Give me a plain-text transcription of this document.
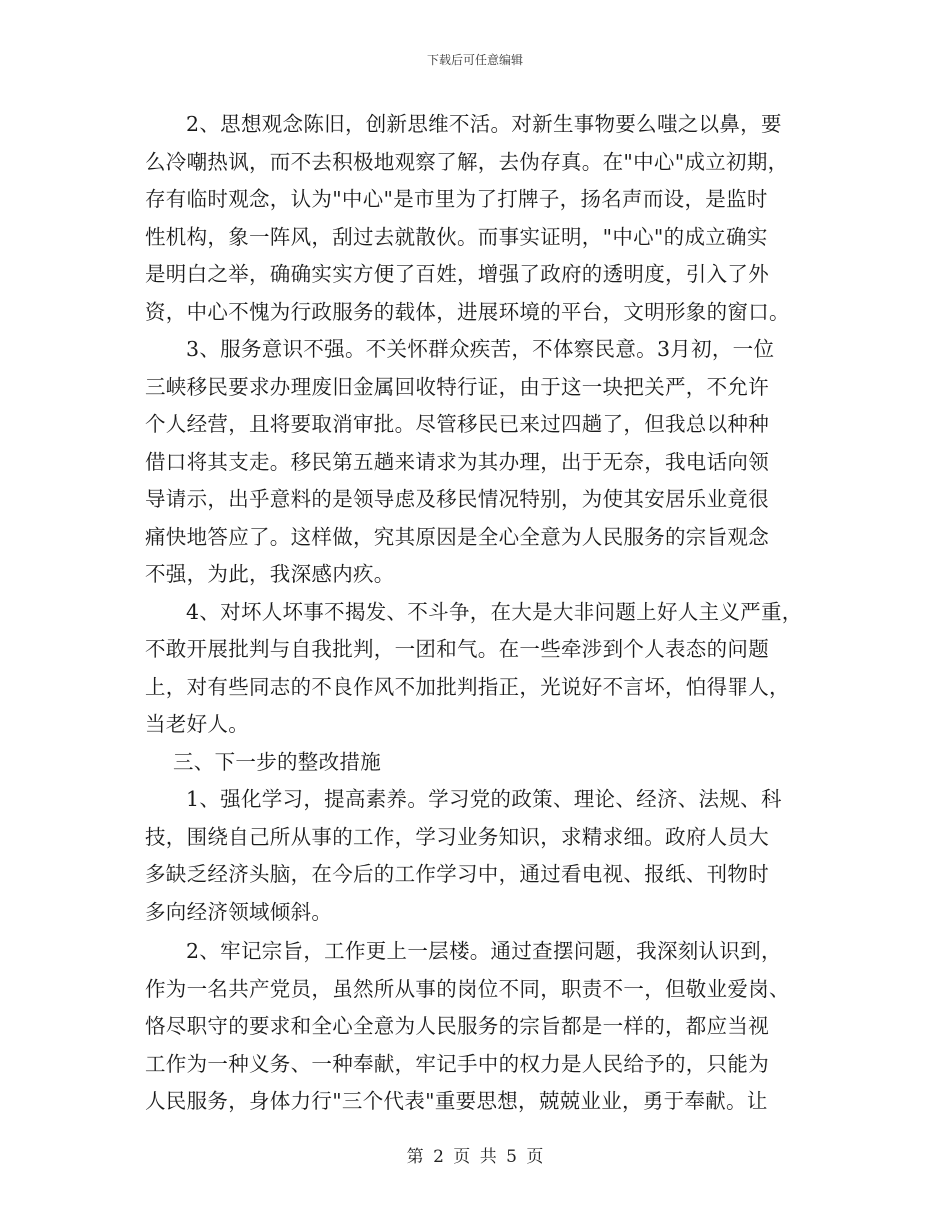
下载后可任意编辑
2、思想观念陈旧，创新思维不活。对新生事物要么嗤之以鼻，要
么冷嘲热讽，而不去积极地观察了解，去伪存真。在"中心"成立初期，
存有临时观念，认为"中心"是市里为了打牌子，扬名声而设，是监时
性机构，象一阵风，刮过去就散伙。而事实证明，"中心"的成立确实
是明白之举，确确实实方便了百姓，增强了政府的透明度，引入了外
资，中心不愧为行政服务的载体，进展环境的平台，文明形象的窗口。
3、服务意识不强。不关怀群众疾苦，不体察民意。3月初，一位
三峡移民要求办理废旧金属回收特行证，由于这一块把关严，不允许
个人经营，且将要取消审批。尽管移民已来过四趟了，但我总以种种
借口将其支走。移民第五趟来请求为其办理，出于无奈，我电话向领
导请示，出乎意料的是领导虑及移民情况特别，为使其安居乐业竟很
痛快地答应了。这样做，究其原因是全心全意为人民服务的宗旨观念
不强，为此，我深感内疚。
4、对坏人坏事不揭发、不斗争，在大是大非问题上好人主义严重，
不敢开展批判与自我批判，一团和气。在一些牵涉到个人表态的问题
上，对有些同志的不良作风不加批判指正，光说好不言坏，怕得罪人，
当老好人。
三、下一步的整改措施
1、强化学习，提高素养。学习党的政策、理论、经济、法规、科
技，围绕自己所从事的工作，学习业务知识，求精求细。政府人员大
多缺乏经济头脑，在今后的工作学习中，通过看电视、报纸、刊物时
多向经济领域倾斜。
2、牢记宗旨，工作更上一层楼。通过查摆问题，我深刻认识到，
作为一名共产党员，虽然所从事的岗位不同，职责不一，但敬业爱岗、
恪尽职守的要求和全心全意为人民服务的宗旨都是一样的，都应当视
工作为一种义务、一种奉献，牢记手中的权力是人民给予的，只能为
人民服务，身体力行"三个代表"重要思想，兢兢业业，勇于奉献。让
第 2 页 共 5 页
